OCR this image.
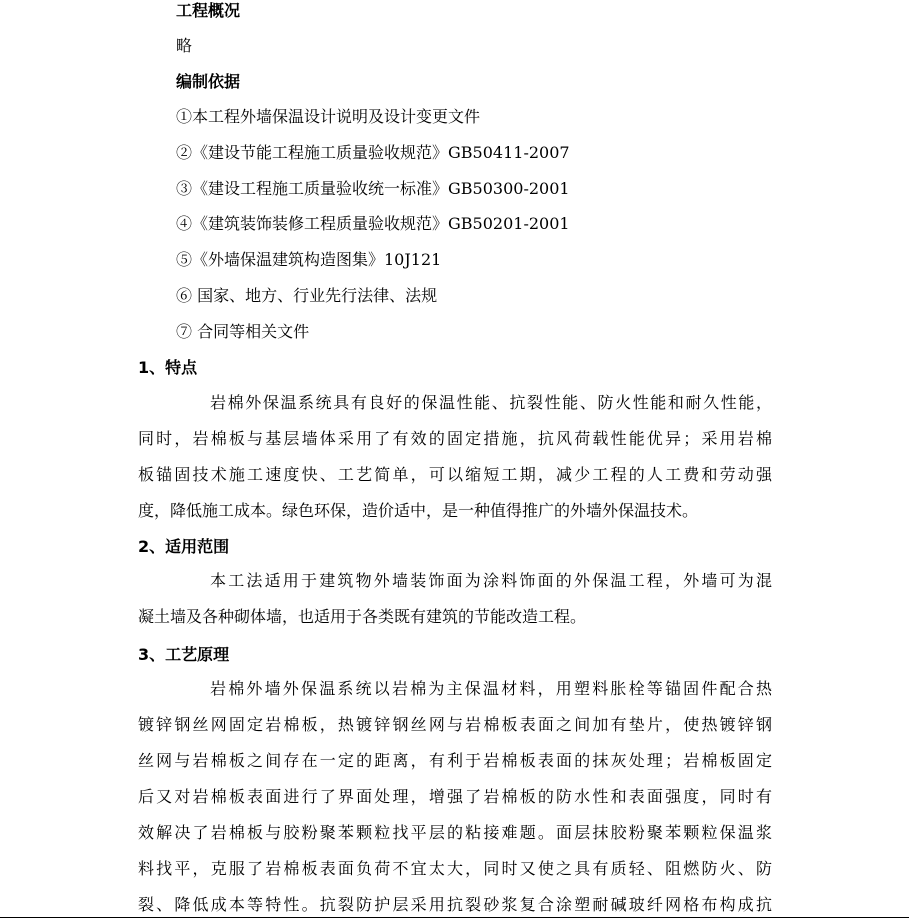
工程概况
略
编制依据
①本工程外墙保温设计说明及设计变更文件
②《建设节能工程施工质量验收规范》GB50411-2007
③《建设工程施工质量验收统一标准》GB50300-2001
④《建筑装饰装修工程质量验收规范》GB50201-2001
⑤《外墙保温建筑构造图集》10J121
⑥ 国家、地方、行业先行法律、法规
⑦ 合同等相关文件
1、特点
岩棉外保温系统具有良好的保温性能、抗裂性能、防火性能和耐久性能，
同时，岩棉板与基层墙体采用了有效的固定措施，抗风荷载性能优异；采用岩棉
板锚固技术施工速度快、工艺简单，可以缩短工期，减少工程的人工费和劳动强
度，降低施工成本。绿色环保，造价适中，是一种值得推广的外墙外保温技术。
2、适用范围
本工法适用于建筑物外墙装饰面为涂料饰面的外保温工程，外墙可为混
凝土墙及各种砌体墙，也适用于各类既有建筑的节能改造工程。
3、工艺原理
岩棉外墙外保温系统以岩棉为主保温材料，用塑料胀栓等锚固件配合热
镀锌钢丝网固定岩棉板，热镀锌钢丝网与岩棉板表面之间加有垫片，使热镀锌钢
丝网与岩棉板之间存在一定的距离，有利于岩棉板表面的抹灰处理；岩棉板固定
后又对岩棉板表面进行了界面处理，增强了岩棉板的防水性和表面强度，同时有
效解决了岩棉板与胶粉聚苯颗粒找平层的粘接难题。面层抹胶粉聚苯颗粒保温浆
料找平，克服了岩棉板表面负荷不宜太大，同时又使之具有质轻、阻燃防火、防
裂、降低成本等特性。抗裂防护层采用抗裂砂浆复合涂塑耐碱玻纤网格布构成抗
